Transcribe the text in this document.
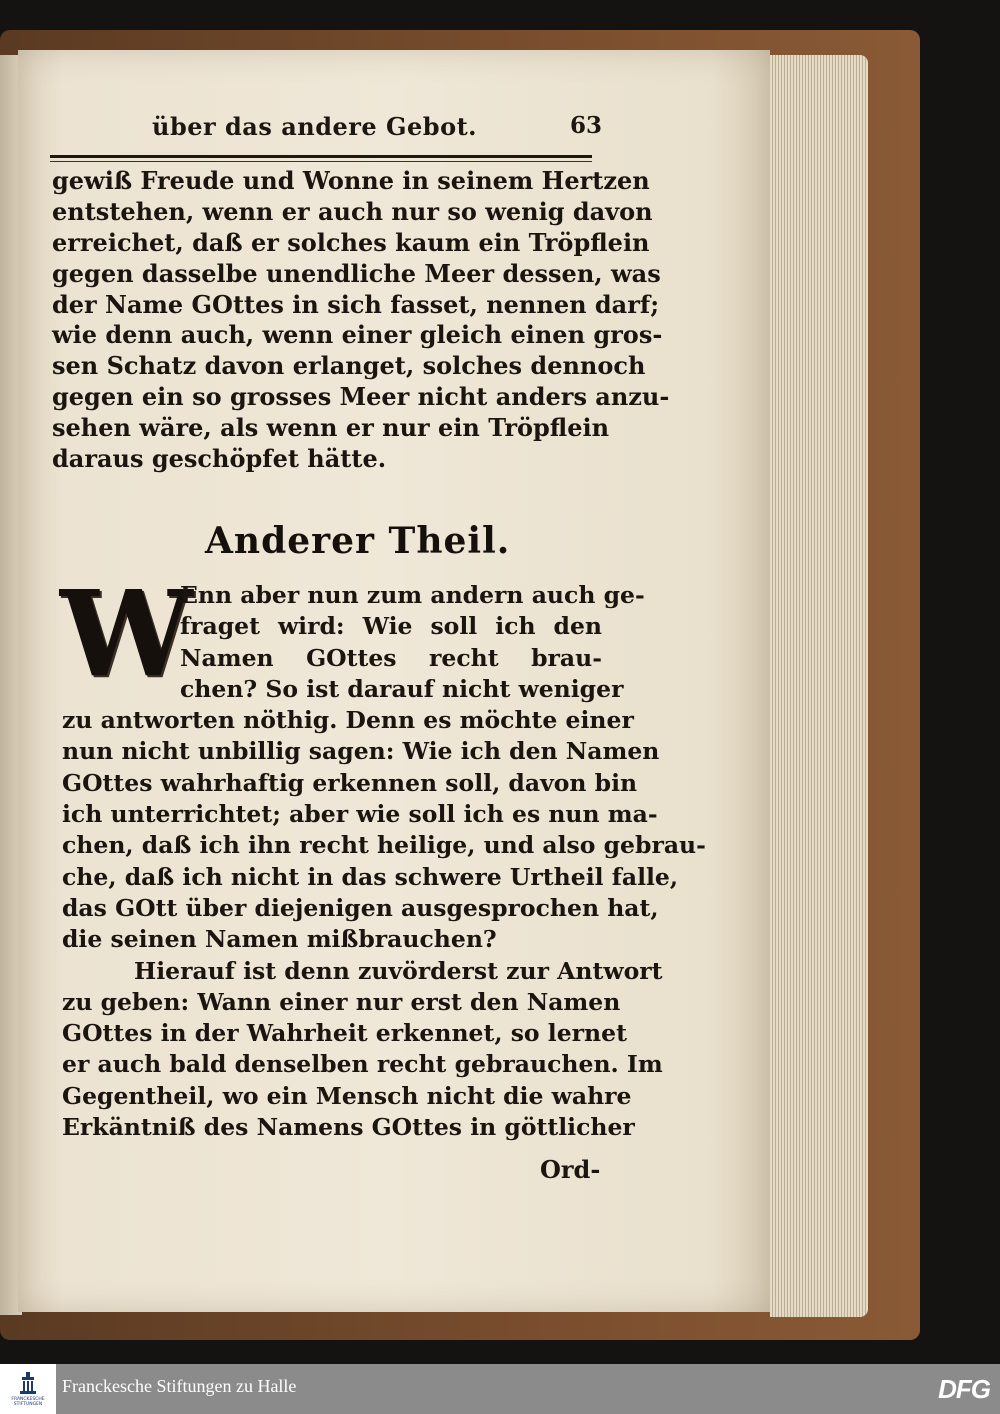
über das andere Gebot.	63
gewiß Freude und Wonne in seinem Hertzen
entstehen, wenn er auch nur so wenig davon
erreichet, daß er solches kaum ein Tröpflein
gegen dasselbe unendliche Meer dessen, was
der Name GOttes in sich fasset, nennen darf;
wie denn auch, wenn einer gleich einen gros-
sen Schatz davon erlanget, solches dennoch
gegen ein so grosses Meer nicht anders anzu-
sehen wäre, als wenn er nur ein Tröpflein
daraus geschöpfet hätte.
Anderer Theil.
W
Enn aber nun zum andern auch ge-
fraget wird: Wie soll ich den
Namen GOttes recht brau-
chen? So ist darauf nicht weniger
zu antworten nöthig. Denn es möchte einer
nun nicht unbillig sagen: Wie ich den Namen
GOttes wahrhaftig erkennen soll, davon bin
ich unterrichtet; aber wie soll ich es nun ma-
chen, daß ich ihn recht heilige, und also gebrau-
che, daß ich nicht in das schwere Urtheil falle,
das GOtt über diejenigen ausgesprochen hat,
die seinen Namen mißbrauchen?
Hierauf ist denn zuvörderst zur Antwort
zu geben: Wann einer nur erst den Namen
GOttes in der Wahrheit erkennet, so lernet
er auch bald denselben recht gebrauchen. Im
Gegentheil, wo ein Mensch nicht die wahre
Erkäntniß des Namens GOttes in göttlicher
Ord-
FRANCKESCHE
STIFTUNGEN
Franckesche Stiftungen zu Halle	DFG
